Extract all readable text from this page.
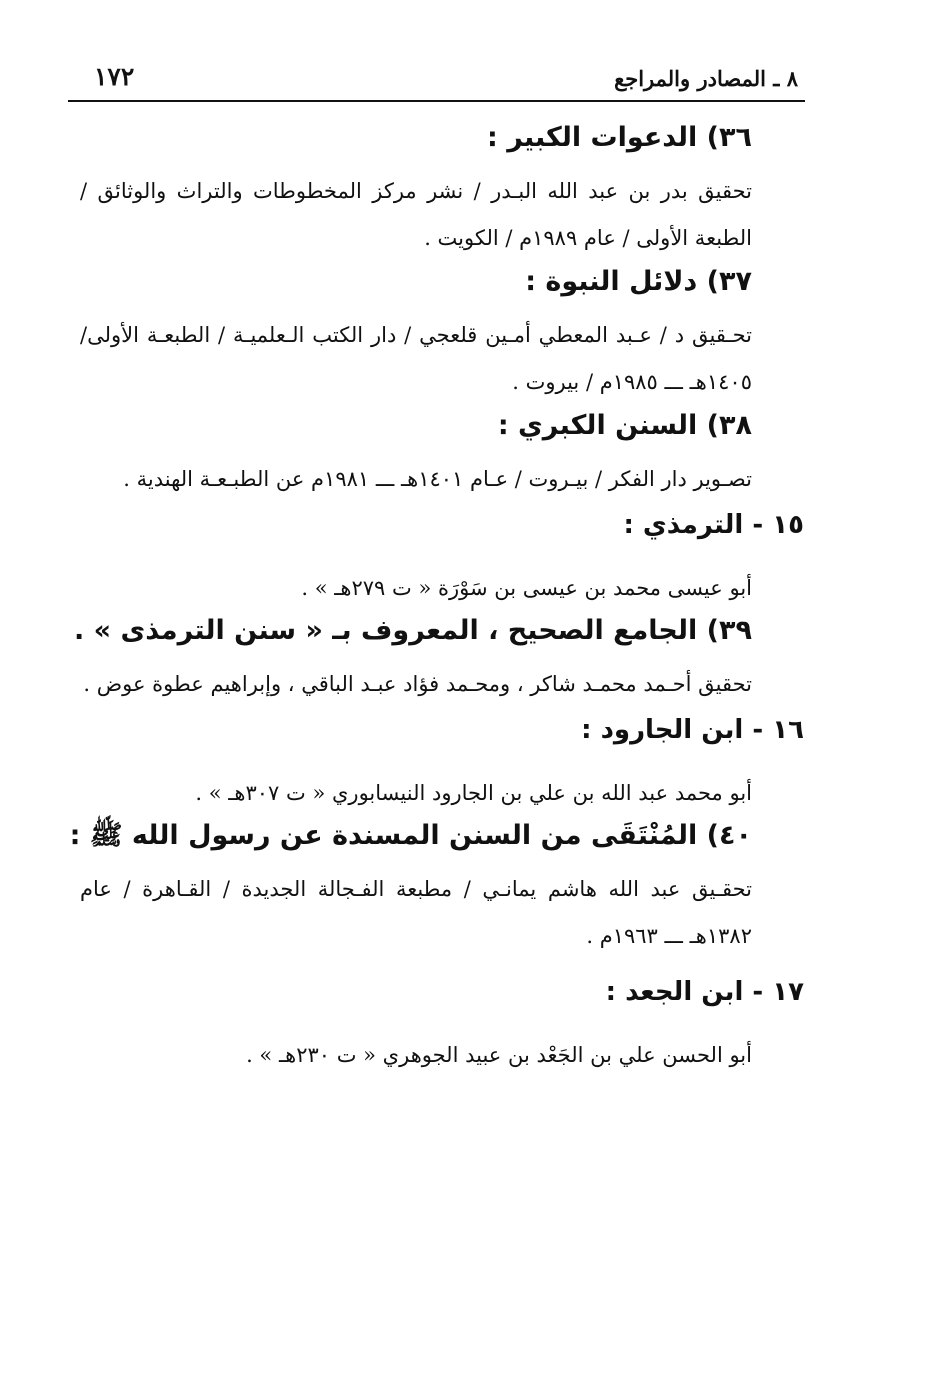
٨ ـ المصادر والمراجع
١٧٢

٣٦) الدعوات الكبير :

تحقيق بدر بن عبد الله البـدر / نشر مركز المخطوطات والتراث والوثائق / الطبعة الأولى / عام ١٩٨٩م / الكويت .

٣٧) دلائل النبوة :

تحـقيق د / عـبد المعطي أمـين قلعجي / دار الكتب الـعلميـة / الطبعـة الأولى/ ١٤٠٥هـ ـــ ١٩٨٥م / بيروت .

٣٨) السنن الكبري :

تصـوير دار الفكر / بيـروت / عـام ١٤٠١هـ ـــ ١٩٨١م عن الطبـعـة الهندية .

١٥ - الترمذي :

أبو عيسى محمد بن عيسى بن سَوْرَة « ت ٢٧٩هـ » .

٣٩) الجامع الصحيح ، المعروف بـ « سنن الترمذى » .

تحقيق أحـمد محمـد شاكر ، ومحـمد فؤاد عبـد الباقي ، وإبراهيم عطوة عوض .

١٦ - ابن الجارود :

أبو محمد عبد الله بن علي بن الجارود النيسابوري « ت ٣٠٧هـ » .

٤٠) المُنْتَقَى من السنن المسندة عن رسول الله ﷺ :

تحقـيق عبد الله هاشم يمانـي / مطبعة الفـجالة الجديدة / القـاهرة / عام ١٣٨٢هـ ـــ ١٩٦٣م .

١٧ - ابن الجعد :

أبو الحسن علي بن الجَعْد بن عبيد الجوهري « ت ٢٣٠هـ » .
